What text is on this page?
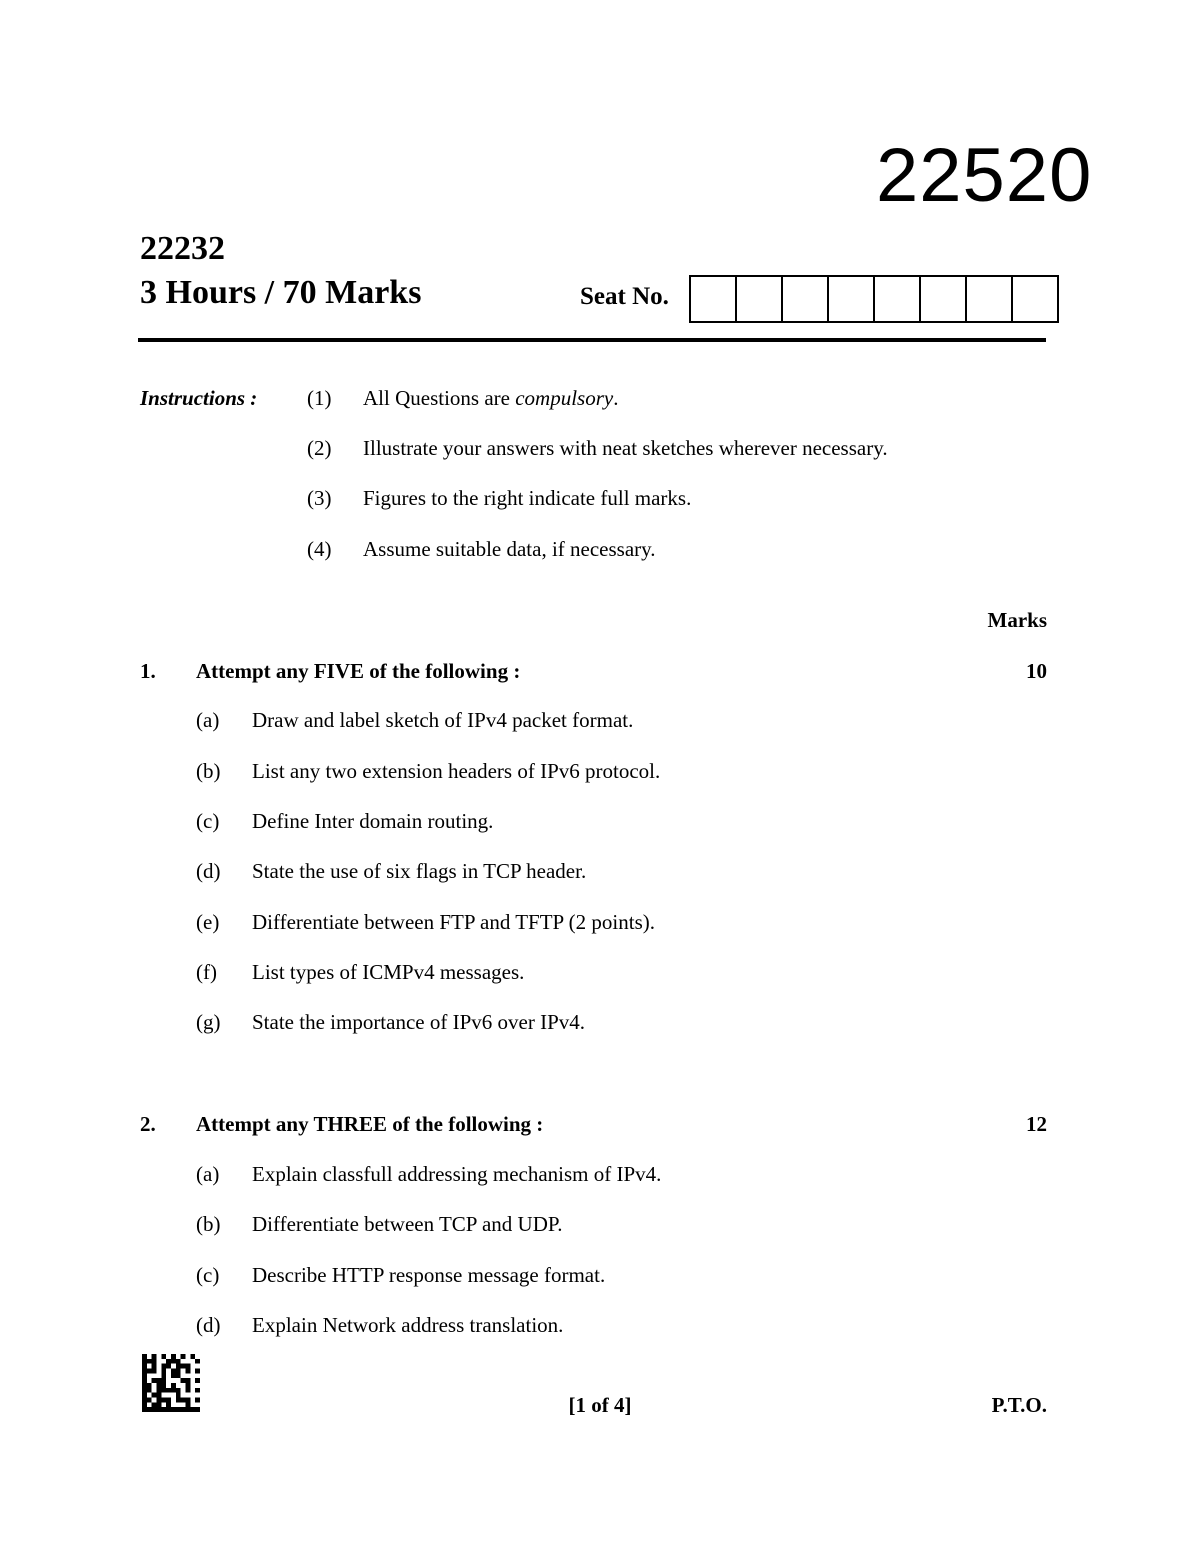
22520
22232
3 Hours / 70 Marks	Seat No.
Instructions : (1) All Questions are compulsory.
(2) Illustrate your answers with neat sketches wherever necessary.
(3) Figures to the right indicate full marks.
(4) Assume suitable data, if necessary.
Marks
1. Attempt any FIVE of the following :	10
(a) Draw and label sketch of IPv4 packet format.
(b) List any two extension headers of IPv6 protocol.
(c) Define Inter domain routing.
(d) State the use of six flags in TCP header.
(e) Differentiate between FTP and TFTP (2 points).
(f) List types of ICMPv4 messages.
(g) State the importance of IPv6 over IPv4.
2. Attempt any THREE of the following :	12
(a) Explain classfull addressing mechanism of IPv4.
(b) Differentiate between TCP and UDP.
(c) Describe HTTP response message format.
(d) Explain Network address translation.
[1 of 4]	P.T.O.
